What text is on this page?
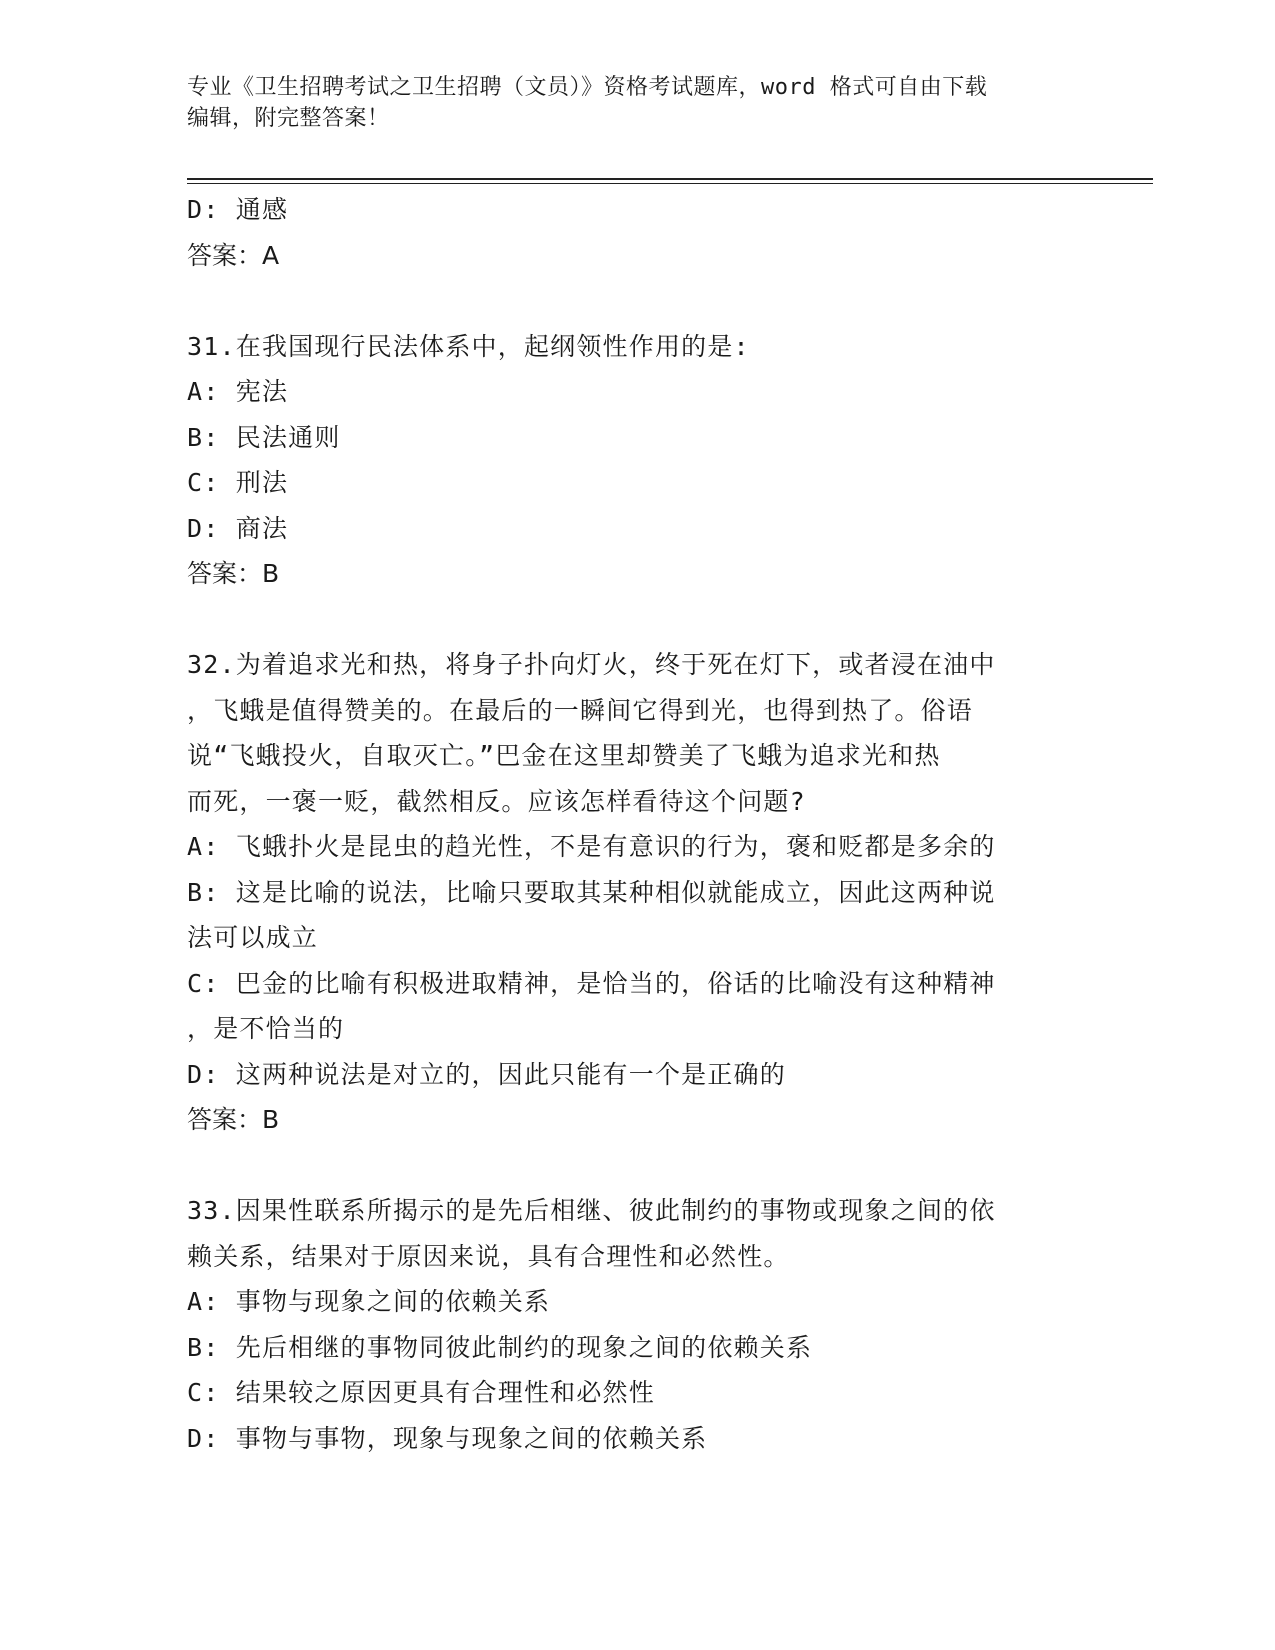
专业《卫生招聘考试之卫生招聘（文员）》资格考试题库，word 格式可自由下载
编辑，附完整答案！
D: 通感
答案：A
31.在我国现行民法体系中，起纲领性作用的是:
A: 宪法
B: 民法通则
C: 刑法
D: 商法
答案：B
32.为着追求光和热，将身子扑向灯火，终于死在灯下，或者浸在油中
，飞蛾是值得赞美的。在最后的一瞬间它得到光，也得到热了。俗语
说“飞蛾投火，自取灭亡。”巴金在这里却赞美了飞蛾为追求光和热
而死，一褒一贬，截然相反。应该怎样看待这个问题?
A: 飞蛾扑火是昆虫的趋光性，不是有意识的行为，褒和贬都是多余的
B: 这是比喻的说法，比喻只要取其某种相似就能成立，因此这两种说
法可以成立
C: 巴金的比喻有积极进取精神，是恰当的，俗话的比喻没有这种精神
，是不恰当的
D: 这两种说法是对立的，因此只能有一个是正确的
答案：B
33.因果性联系所揭示的是先后相继、彼此制约的事物或现象之间的依
赖关系，结果对于原因来说，具有合理性和必然性。
A: 事物与现象之间的依赖关系
B: 先后相继的事物同彼此制约的现象之间的依赖关系
C: 结果较之原因更具有合理性和必然性
D: 事物与事物，现象与现象之间的依赖关系
